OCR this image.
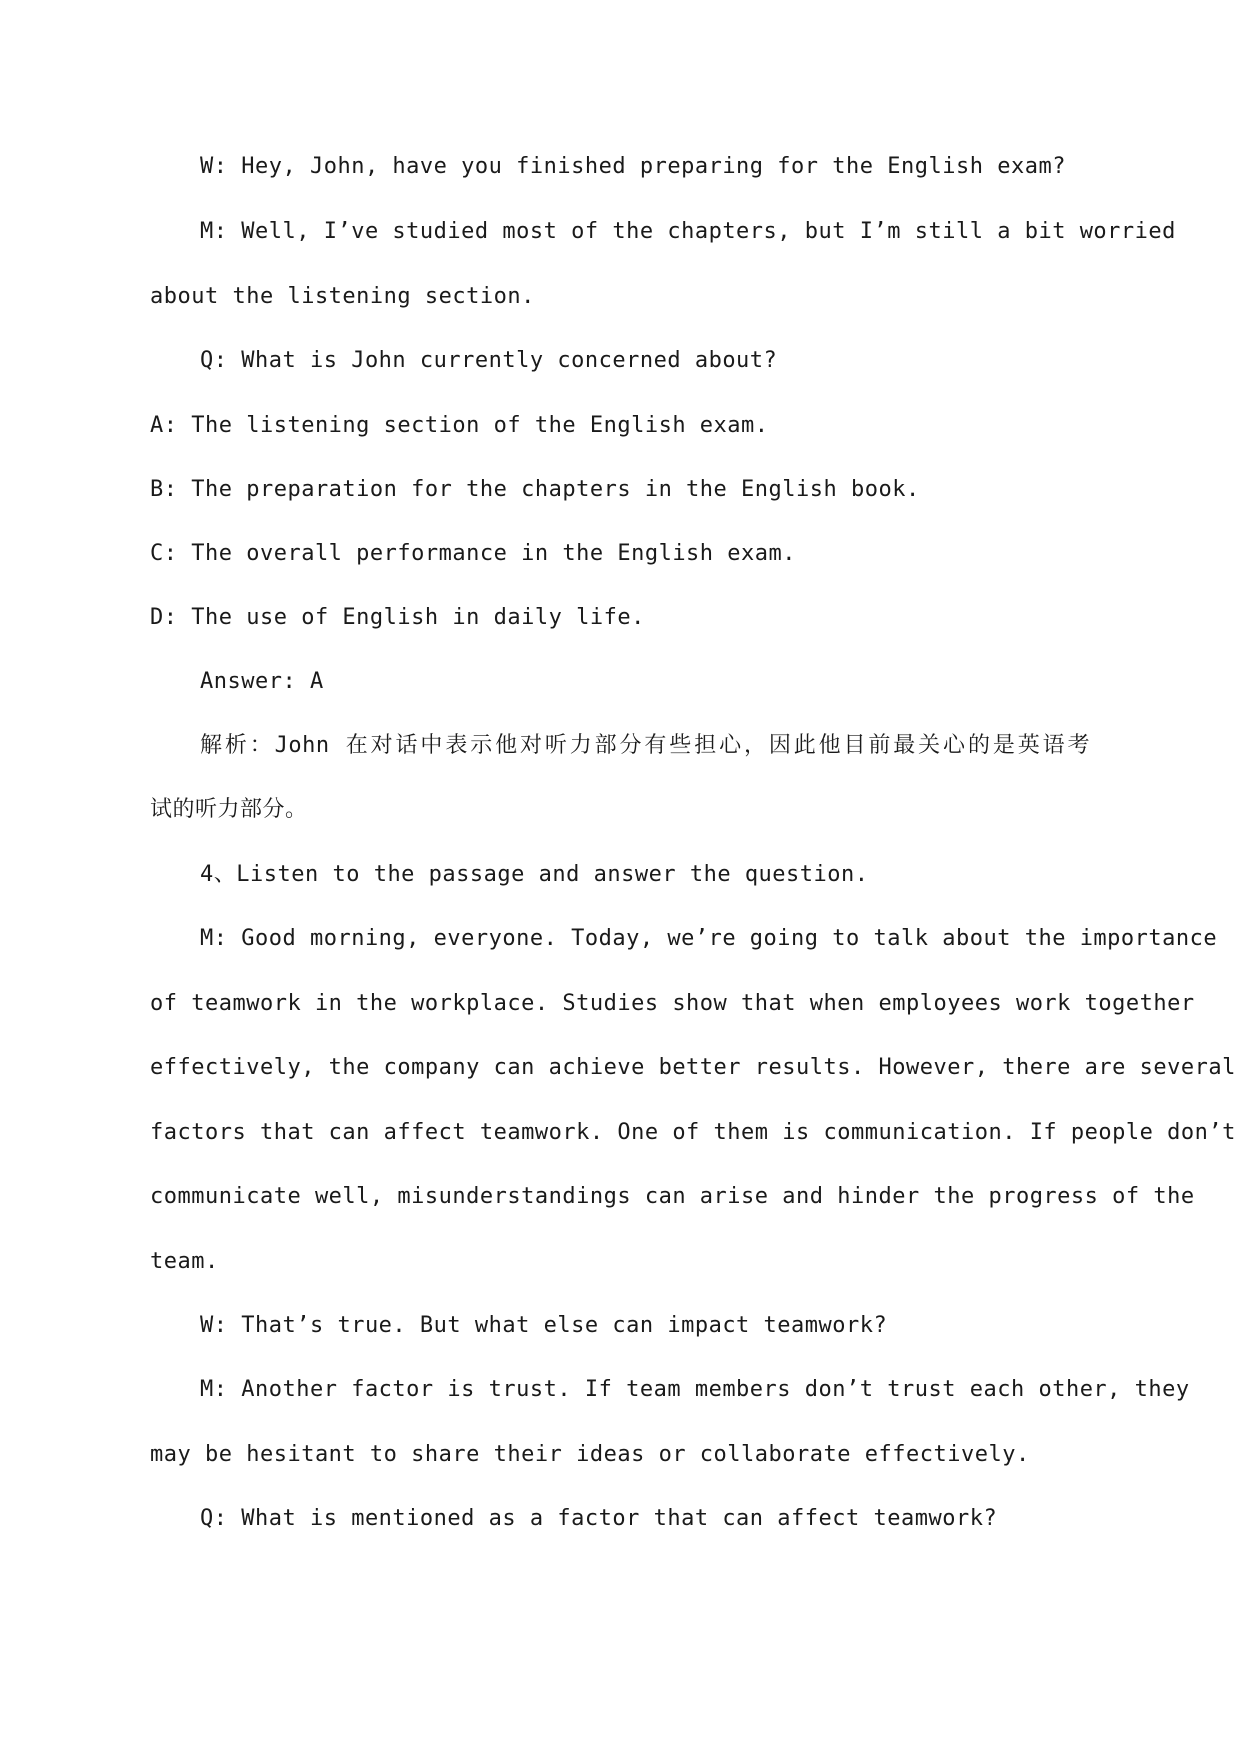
W: Hey, John, have you finished preparing for the English exam?
M: Well, I’ve studied most of the chapters, but I’m still a bit worried
about the listening section.
Q: What is John currently concerned about?
A: The listening section of the English exam.
B: The preparation for the chapters in the English book.
C: The overall performance in the English exam.
D: The use of English in daily life.
Answer: A
解析：John 在对话中表示他对听力部分有些担心，因此他目前最关心的是英语考
试的听力部分。
4、Listen to the passage and answer the question.
M: Good morning, everyone. Today, we’re going to talk about the importance
of teamwork in the workplace. Studies show that when employees work together
effectively, the company can achieve better results. However, there are several
factors that can affect teamwork. One of them is communication. If people don’t
communicate well, misunderstandings can arise and hinder the progress of the
team.
W: That’s true. But what else can impact teamwork?
M: Another factor is trust. If team members don’t trust each other, they
may be hesitant to share their ideas or collaborate effectively.
Q: What is mentioned as a factor that can affect teamwork?
